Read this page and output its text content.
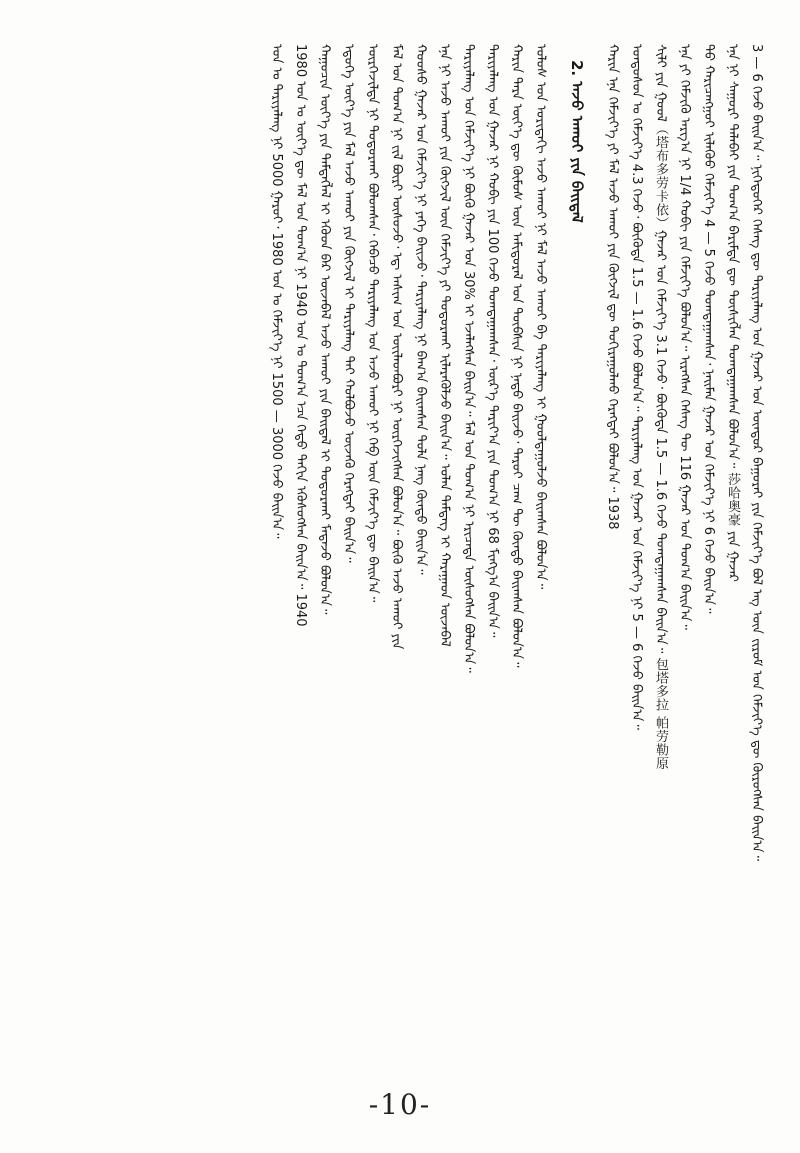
3 — 6 ᠭᠡᠵᠦ ᠪᠠᠢᠨ᠎ᠠ᠃ ᠨᠢᠭᠡᠳᠦᠭᠡᠷ ᠬᠡᠰᠡᠭ ᠳᠦ ᠲᠠᠷᠢᠶᠠᠯᠠᠩ ᠤᠨ ᠭᠠᠵᠠᠷ ᠤᠨ ᠦᠨᠳᠦᠷ ᠪᠠᠭᠤᠷᠠᠢ ᠶᠢᠨ ᠬᠡᠮᠵᠢᠶ᠎ᠡ ᠪᠣᠯ ᠡᠩ ᠦᠨ ᠵᠢᠷᠤᠮ ᠤᠨ ᠬᠡᠮᠵᠢᠶ᠎ᠡ ᠳᠦ ᠬᠦᠷᠦᠭᠰᠡᠨ ᠪᠠᠢᠨ᠎ᠠ᠃
ᠡᠨᠡ ᠨᠢ ᠰᠠᠭᠤᠷᠢ ᠲᠠᠯᠠᠪᠠᠢ ᠶᠢᠨ ᠲᠣᠭ᠎ᠠ ᠪᠠᠷᠢᠮᠲᠠ ᠳᠦ ᠲᠦᠰᠢᠭᠯᠡᠨ ᠲᠣᠭᠲᠠᠭᠠᠭᠰᠠᠨ ᠪᠣᠯᠤᠨ᠎ᠠ᠃ 莎哈奥豪 ᠶᠢᠨ ᠭᠠᠵᠠᠷ
ᠲᠤ᠌ ᠬᠠᠷᠢᠴᠠᠩᠭᠤᠢ ᠢᠯᠡᠭᠦᠦ ᠬᠡᠮᠵᠢᠶ᠎ᠡ 4 — 5 ᠭᠡᠵᠦ ᠲᠣᠭᠲᠠᠭᠠᠭᠰᠠᠨ᠂ ᠨᠠᠢᠮᠠᠨ ᠭᠠᠵᠠᠷ ᠤᠨ ᠬᠡᠮᠵᠢᠶ᠎ᠡ ᠨᠢ 6 ᠭᠡᠵᠦ ᠪᠠᠢᠨ᠎ᠠ᠃
ᠡᠨᠡ ᠶᠢ ᠬᠡᠮᠵᠢᠬᠦ ᠠᠷᠭ᠎ᠠ ᠨᠢ 1/4 ᠬᠤᠪᠢ ᠶᠢᠨ ᠬᠡᠮᠵᠢᠶ᠎ᠡ ᠪᠣᠯᠤᠨ᠎ᠠ᠃ ᠢᠷᠡᠭᠰᠡᠨ ᠬᠡᠰᠡᠭ ᠲᠦ 116 ᠭᠠᠵᠠᠷ ᠤᠨ ᠲᠣᠭ᠎ᠠ ᠪᠠᠢᠨ᠎ᠠ᠃
ᠰᠢᠯᠢ ᠶᠢᠨ ᠭᠣᠣᠯ（塔布多劳卡依）ᠭᠠᠵᠠᠷ ᠤᠨ ᠬᠡᠮᠵᠢᠶ᠎ᠡ 3.1 ᠭᠡᠵᠦ᠂ ᠪᠦᠭᠦᠳᠡ 1.5 — 1.6 ᠭᠡᠵᠦ ᠲᠣᠭᠲᠠᠭᠠᠭᠰᠠᠨ ᠪᠠᠢᠨ᠎ᠠ᠃ 包塔多拉 帕劳勒原
ᠤᠨᠳᠤᠰᠤᠨ ᠤ ᠬᠡᠮᠵᠢᠶ᠎ᠡ 4.3 ᠭᠡᠵᠦ᠂ ᠪᠦᠭᠦᠳᠡ 1.5 — 1.6 ᠭᠡᠵᠦ ᠪᠣᠯᠤᠨ᠎ᠠ᠃ ᠲᠠᠷᠢᠶᠠᠯᠠᠩ ᠤᠨ ᠭᠠᠵᠠᠷ ᠤᠨ ᠬᠡᠮᠵᠢᠶ᠎ᠡ ᠨᠢ 5 — 6 ᠭᠡᠵᠦ ᠪᠠᠢᠨ᠎ᠠ᠃
ᠬᠠᠷᠢᠨ ᠡᠨᠡ ᠬᠡᠮᠵᠢᠶ᠎ᠡ ᠶᠢ ᠮᠠᠯ ᠠᠵᠤ ᠠᠬᠤᠢ ᠶᠢᠨ ᠬᠥᠭᠵᠢᠯ ᠳᠦ ᠲᠣᠬᠢᠷᠠᠭᠤᠯᠬᠤ ᠬᠡᠷᠡᠭᠲᠡᠢ ᠪᠣᠯᠤᠨ᠎ᠠ᠃ 1938
2. ᠠᠵᠤ ᠠᠬᠤᠢ ᠶᠢᠨ ᠪᠠᠢᠳᠠᠯ
ᠤᠯᠤᠰ ᠤᠨ ᠤᠷᠢᠳᠠᠬᠢ ᠠᠵᠤ ᠠᠬᠤᠢ ᠨᠢ ᠮᠠᠯ ᠠᠵᠤ ᠠᠬᠤᠢ ᠪᠠ ᠲᠠᠷᠢᠶᠠᠯᠠᠩ ᠢ ᠭᠣᠣᠯᠳᠠᠭᠤᠯᠵᠤ ᠪᠠᠢᠭᠰᠠᠨ ᠪᠣᠯᠤᠨ᠎ᠠ᠃
ᠬᠠᠷᠢᠨ ᠲᠡᠷᠡ ᠦᠶ᠎ᠡ ᠳᠦ ᠬᠦᠮᠦᠰ ᠦᠨ ᠠᠮᠢᠳᠤᠷᠠᠯ ᠤᠨ ᠲᠦᠪᠰᠢᠨ ᠨᠢ ᠨᠠᠳᠤ ᠪᠠᠢᠵᠤ᠂ ᠳᠠᠷᠤᠢ ᠴᠠᠭ ᠲᠦ ᠬᠦᠨᠳᠦ ᠪᠠᠢᠭᠰᠠᠨ ᠪᠣᠯᠤᠨ᠎ᠠ᠃
ᠲᠠᠷᠢᠶᠠᠯᠠᠩ ᠤᠨ ᠭᠠᠵᠠᠷ ᠨᠢ ᠬᠤᠪᠢ ᠶᠢᠨ 100 ᠭᠡᠵᠦ ᠲᠣᠭᠲᠠᠭᠠᠭᠰᠠᠨ᠂ ᠦᠷ᠎ᠡ ᠲᠠᠷᠢᠶ᠎ᠠ ᠶᠢᠨ ᠲᠣᠭ᠎ᠠ ᠨᠢ 68 ᠮᠢᠩᠭ᠎ᠠ ᠪᠠᠢᠨ᠎ᠠ᠃
ᠲᠠᠷᠢᠶᠠᠯᠠᠩ ᠤᠨ ᠬᠡᠮᠵᠢᠶ᠎ᠡ ᠨᠢ ᠪᠦᠬᠦ ᠭᠠᠵᠠᠷ ᠤᠨ 30% ᠢ ᠡᠵᠡᠯᠡᠭᠰᠡᠨ ᠪᠠᠢᠨ᠎ᠠ᠃ ᠮᠠᠯ ᠤᠨ ᠲᠣᠭ᠎ᠠ ᠨᠢ ᠡᠷᠢᠴᠡᠳᠡ ᠦᠰᠦᠭᠰᠡᠨ ᠪᠣᠯᠤᠨ᠎ᠠ᠃
ᠡᠨᠡ ᠨᠢ ᠠᠵᠤ ᠠᠬᠤᠢ ᠶᠢᠨ ᠬᠥᠭᠵᠢᠯ ᠦᠨ ᠬᠡᠮᠵᠢᠶ᠎ᠡ ᠶᠢ ᠲᠣᠳᠤᠷᠬᠠᠢ ᠢᠯᠡᠷᠡᠭᠦᠯᠵᠦ ᠪᠠᠢᠨ᠎ᠠ᠃ ᠣᠯᠠᠨ ᠲᠡᠮᠳᠡᠭ ᠢ ᠬᠠᠷᠠᠭᠠᠳ ᠦᠵᠡᠪᠡᠯ
ᠬᠣᠣᠰᠤ ᠭᠠᠵᠠᠷ ᠤᠨ ᠬᠡᠮᠵᠢᠶ᠎ᠡ ᠨᠢ ᠶᠡᠬᠡ ᠪᠠᠢᠵᠤ᠂ ᠲᠠᠷᠢᠶᠠᠯᠠᠩ ᠨᠢ ᠪᠠᠭ᠎ᠠ ᠪᠠᠢᠭᠰᠠᠨ ᠲᠤᠯᠠ ᠨᠡᠩ ᠬᠦᠨᠳᠦ ᠪᠠᠢᠨ᠎ᠠ᠃
ᠮᠠᠯ ᠤᠨ ᠲᠣᠭ᠎ᠠ ᠨᠢ ᠵᠢᠯ ᠪᠦᠷᠢ ᠥᠰᠥᠵᠦ᠂ ᠡᠳ᠋ ᠠᠰᠢᠭ ᠤᠨ ᠦᠢᠯᠡᠳᠪᠦᠷᠢ ᠨᠢ ᠥᠷᠭᠡᠵᠢᠭᠰᠡᠨ ᠪᠣᠯᠤᠨ᠎ᠠ᠃ ᠪᠦᠬᠦ ᠠᠵᠤ ᠠᠬᠤᠢ ᠶᠢᠨ
ᠥᠷᠭᠡᠵᠢᠯᠲᠡ ᠨᠢ ᠲᠣᠳᠤᠷᠬᠠᠢ ᠪᠣᠯᠤᠭᠰᠠᠨ᠂ ᠭᠡᠪᠡᠴᠦ ᠲᠠᠷᠢᠶᠠᠯᠠᠩ ᠤᠨ ᠠᠵᠤ ᠠᠬᠤᠢ ᠨᠢ ᠬᠡᠪ ᠦᠨ ᠬᠡᠮᠵᠢᠶ᠎ᠡ ᠳᠦ ᠪᠠᠢᠨ᠎ᠠ᠃
ᠡᠳᠦᠭᠡ ᠦᠶ᠎ᠡ ᠶᠢᠨ ᠮᠠᠯ ᠠᠵᠤ ᠠᠬᠤᠢ ᠶᠢᠨ ᠬᠥᠭᠵᠢᠯ ᠢ ᠲᠠᠷᠢᠶᠠᠯᠠᠩ ᠲᠠᠢ ᠬᠣᠯᠪᠣᠵᠤ ᠦᠵᠡᠬᠦ ᠬᠡᠷᠡᠭᠲᠡᠢ ᠪᠠᠢᠨ᠎ᠠ᠃
ᠬᠠᠭᠤᠴᠢᠨ ᠦᠶ᠎ᠡ ᠶᠢᠨ ᠲᠡᠮᠳᠡᠭᠯᠡᠯ ᠢ ᠡᠭᠦᠳ ᠪᠠᠷ ᠦᠵᠡᠪᠡᠯ ᠠᠵᠤ ᠠᠬᠤᠢ ᠶᠢᠨ ᠪᠠᠢᠳᠠᠯ ᠢ ᠲᠣᠳᠤᠷᠬᠠᠢ ᠮᠡᠳᠡᠵᠦ ᠪᠣᠯᠤᠨ᠎ᠠ᠃
1980 ᠣᠨ ᠤ ᠦᠶ᠎ᠡ ᠳᠦ ᠮᠠᠯ ᠤᠨ ᠲᠣᠭ᠎ᠠ ᠨᠢ 1940 ᠣᠨ ᠤ ᠲᠣᠭ᠎ᠠ ᠡᠴᠡ ᠬᠡᠳᠦ ᠳᠠᠬᠢᠨ ᠡᠭᠦᠰᠦᠭᠰᠡᠨ ᠪᠠᠢᠨ᠎ᠠ᠃ 1940
ᠣᠨ ᠤ ᠲᠠᠷᠢᠶᠠᠯᠠᠩ ᠨᠢ 5000 ᠭᠠᠷᠤᠢ᠂ 1980 ᠣᠨ ᠤ ᠬᠡᠮᠵᠢᠶ᠎ᠡ ᠨᠢ 1500 — 3000 ᠭᠡᠵᠦ ᠪᠠᠢᠨ᠎ᠠ᠃
-10-
